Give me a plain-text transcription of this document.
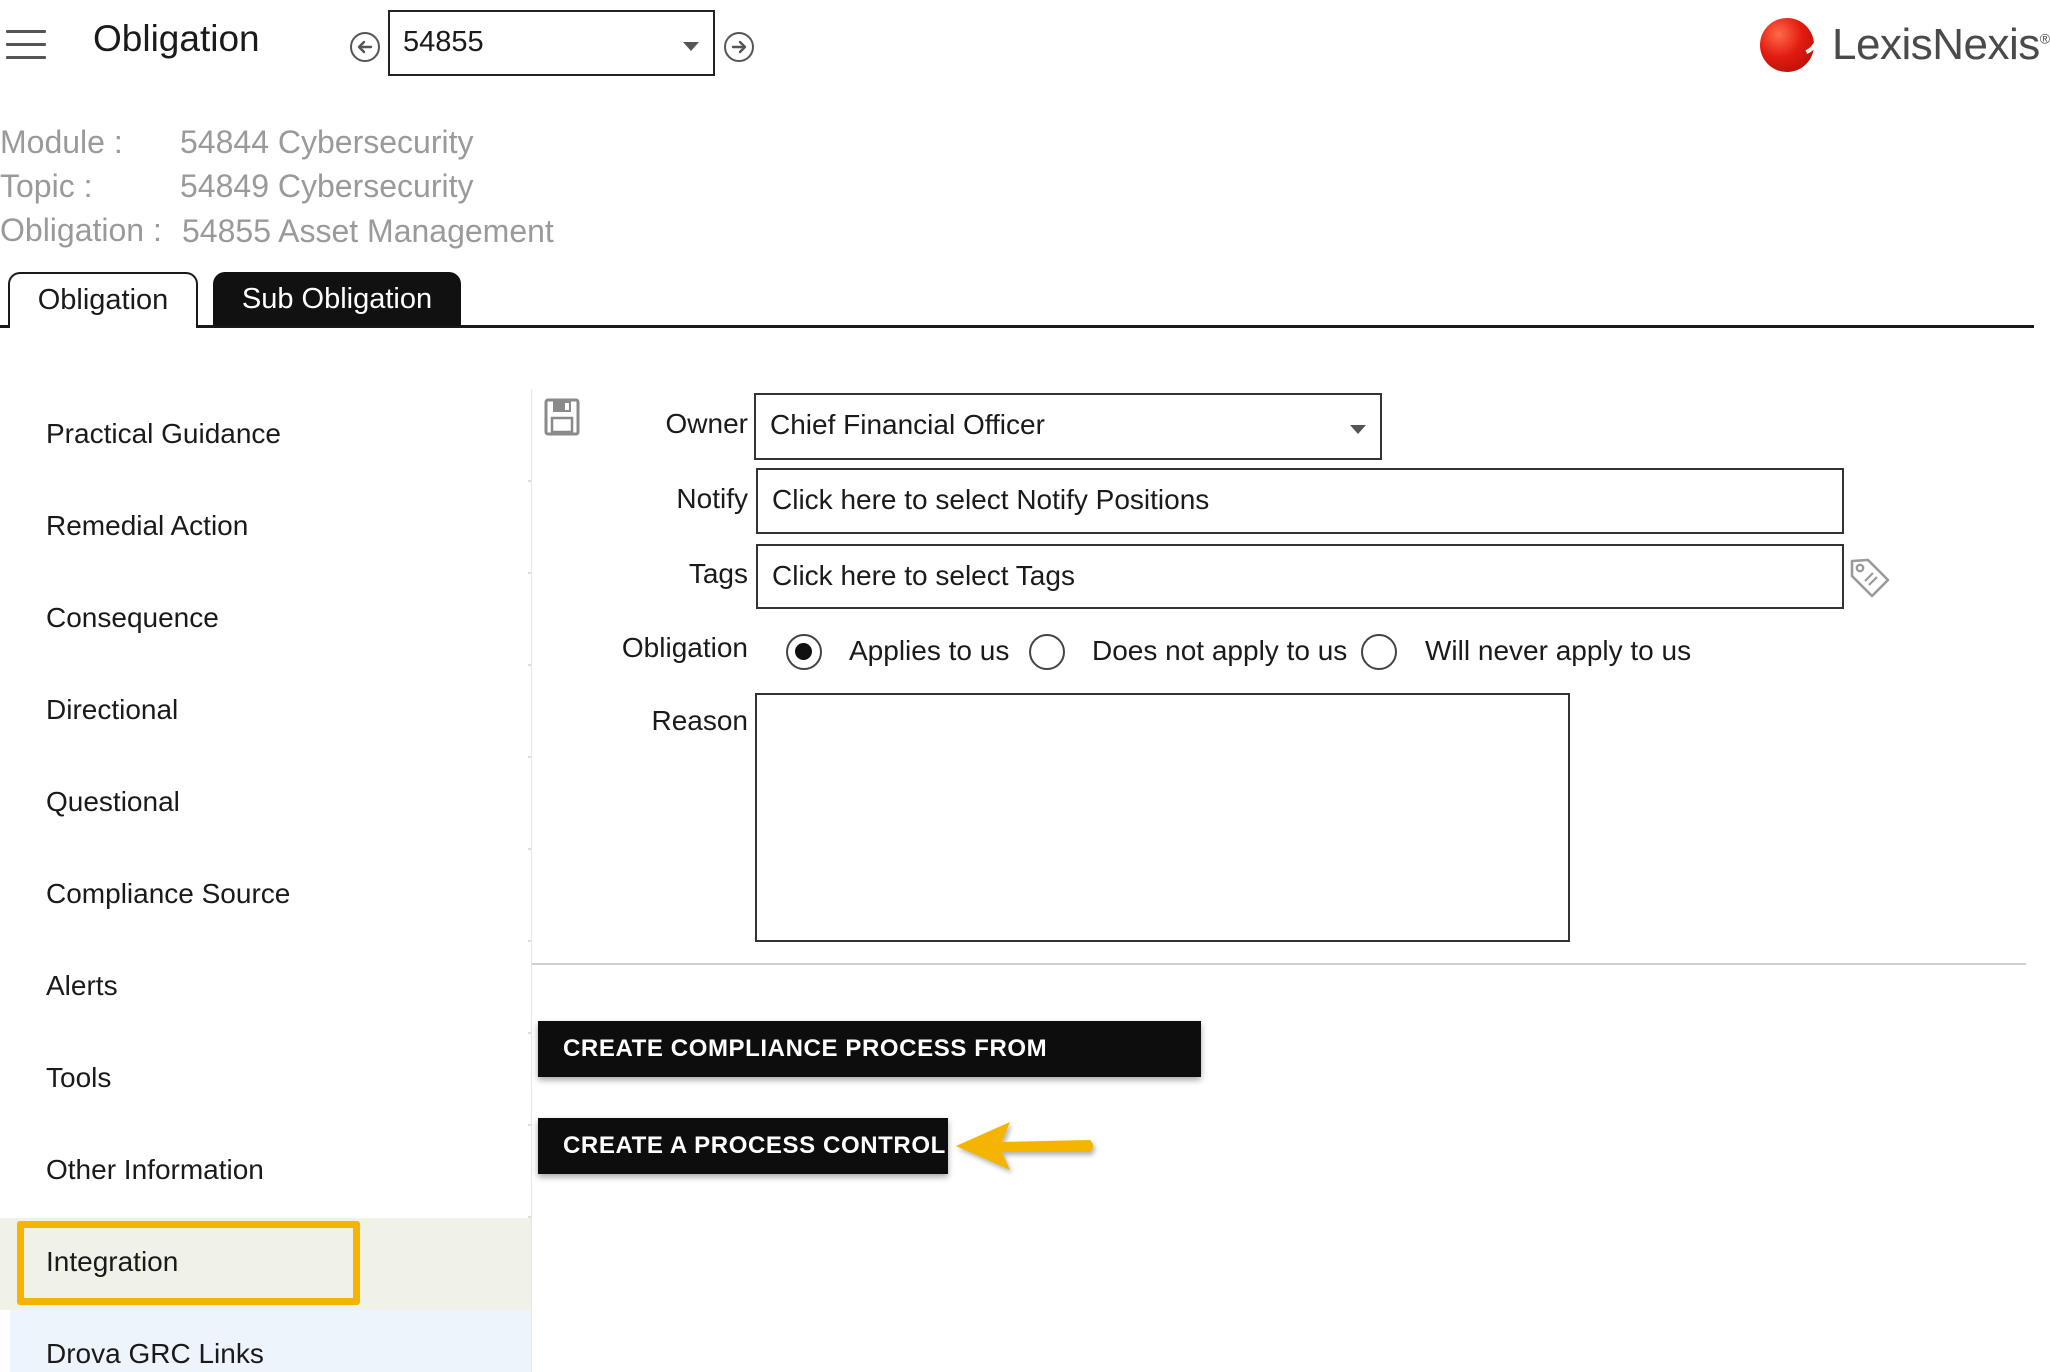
Obligation	54855	LexisNexis®
Module : 54844 Cybersecurity
Topic :	54849 Cybersecurity
Obligation : 54855 Asset Management
Obligation	Sub Obligation
Practical Guidance
Remedial Action
Consequence
Directional
Questional
Compliance Source
Alerts
Tools
Other Information
Integration
Drova GRC Links
Owner Chief Financial Officer
Notify Click here to select Notify Positions
Tags Click here to select Tags
Obligation	Applies to us	Does not apply to us	Will never apply to us
Reason
CREATE COMPLIANCE PROCESS FROM OBLIGATION
CREATE A PROCESS CONTROL
